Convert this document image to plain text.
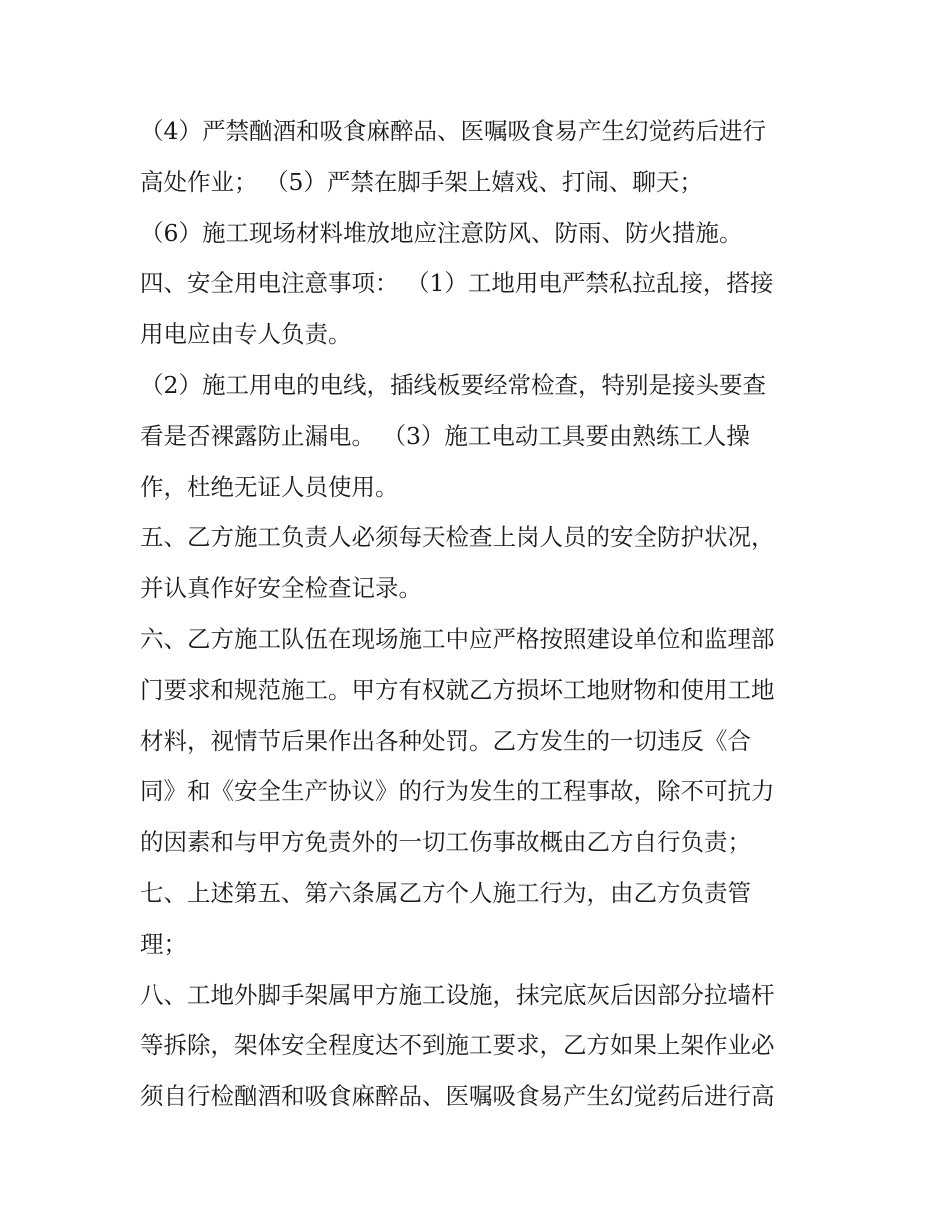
（4）严禁酗酒和吸食麻醉品、医嘱吸食易产生幻觉药后进行
高处作业； （5）严禁在脚手架上嬉戏、打闹、聊天；
（6）施工现场材料堆放地应注意防风、防雨、防火措施。
四、安全用电注意事项： （1）工地用电严禁私拉乱接，搭接
用电应由专人负责。
（2）施工用电的电线，插线板要经常检查，特别是接头要查
看是否裸露防止漏电。 （3）施工电动工具要由熟练工人操
作，杜绝无证人员使用。
五、乙方施工负责人必须每天检查上岗人员的安全防护状况，
并认真作好安全检查记录。
六、乙方施工队伍在现场施工中应严格按照建设单位和监理部
门要求和规范施工。甲方有权就乙方损坏工地财物和使用工地
材料，视情节后果作出各种处罚。乙方发生的一切违反《合
同》和《安全生产协议》的行为发生的工程事故，除不可抗力
的因素和与甲方免责外的一切工伤事故概由乙方自行负责；
七、上述第五、第六条属乙方个人施工行为，由乙方负责管
理；
八、工地外脚手架属甲方施工设施，抹完底灰后因部分拉墙杆
等拆除，架体安全程度达不到施工要求，乙方如果上架作业必
须自行检酗酒和吸食麻醉品、医嘱吸食易产生幻觉药后进行高
